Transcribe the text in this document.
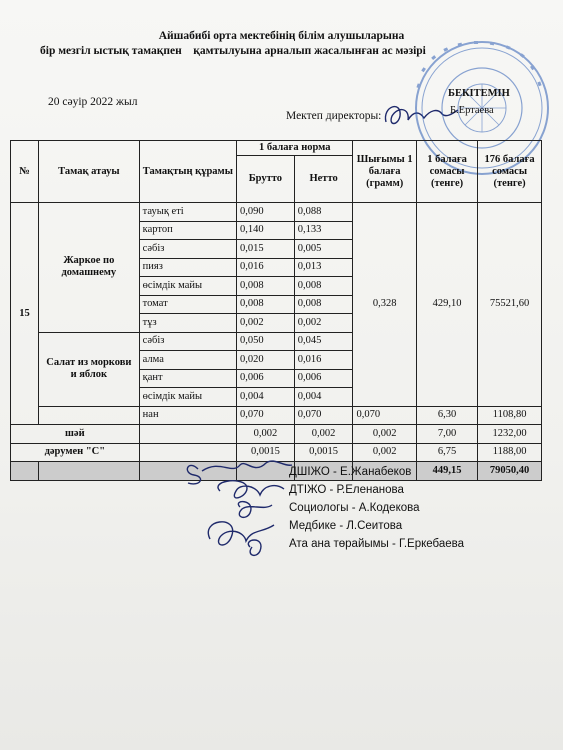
Айшабибі орта мектебінің білім алушыларына
бір мезгіл ыстық тамақпен    қамтылуына арналып жасалынған ас мәзірі
20 сәуір 2022 жыл
Мектеп директоры:
БЕКІТЕМІН
Б.Ертаева
№	Тамақ атауы	Тамақтың құрамы	1 балаға норма		Шығымы 1 балаға (грамм)	1 балаға сомасы (тенге)	176 балаға сомасы (тенге)
			Брутто	Нетто			
15	Жаркое по домашнему	тауық еті	0,090	0,088	0,328	429,10	75521,60
		картоп	0,140	0,133			
		сәбіз	0,015	0,005			
		пияз	0,016	0,013			
		өсімдік майы	0,008	0,008			
		томат	0,008	0,008			
		тұз	0,002	0,002			
	Салат из моркови и яблок	сәбіз	0,050	0,045			
		алма	0,020	0,016			
		қант	0,006	0,006			
		өсімдік майы	0,004	0,004			
		нан	0,070	0,070	0,070	6,30	1108,80
шәй			0,002	0,002	0,002	7,00	1232,00
дәрумен "С"			0,0015	0,0015	0,002	6,75	1188,00
						449,15	79050,40
ДШІЖО - Е.Жанабеков
ДТІЖО - Р.Еленанова
Социологы - А.Кодекова
Медбике - Л.Сеитова
Ата ана төрайымы - Г.Еркебаева
